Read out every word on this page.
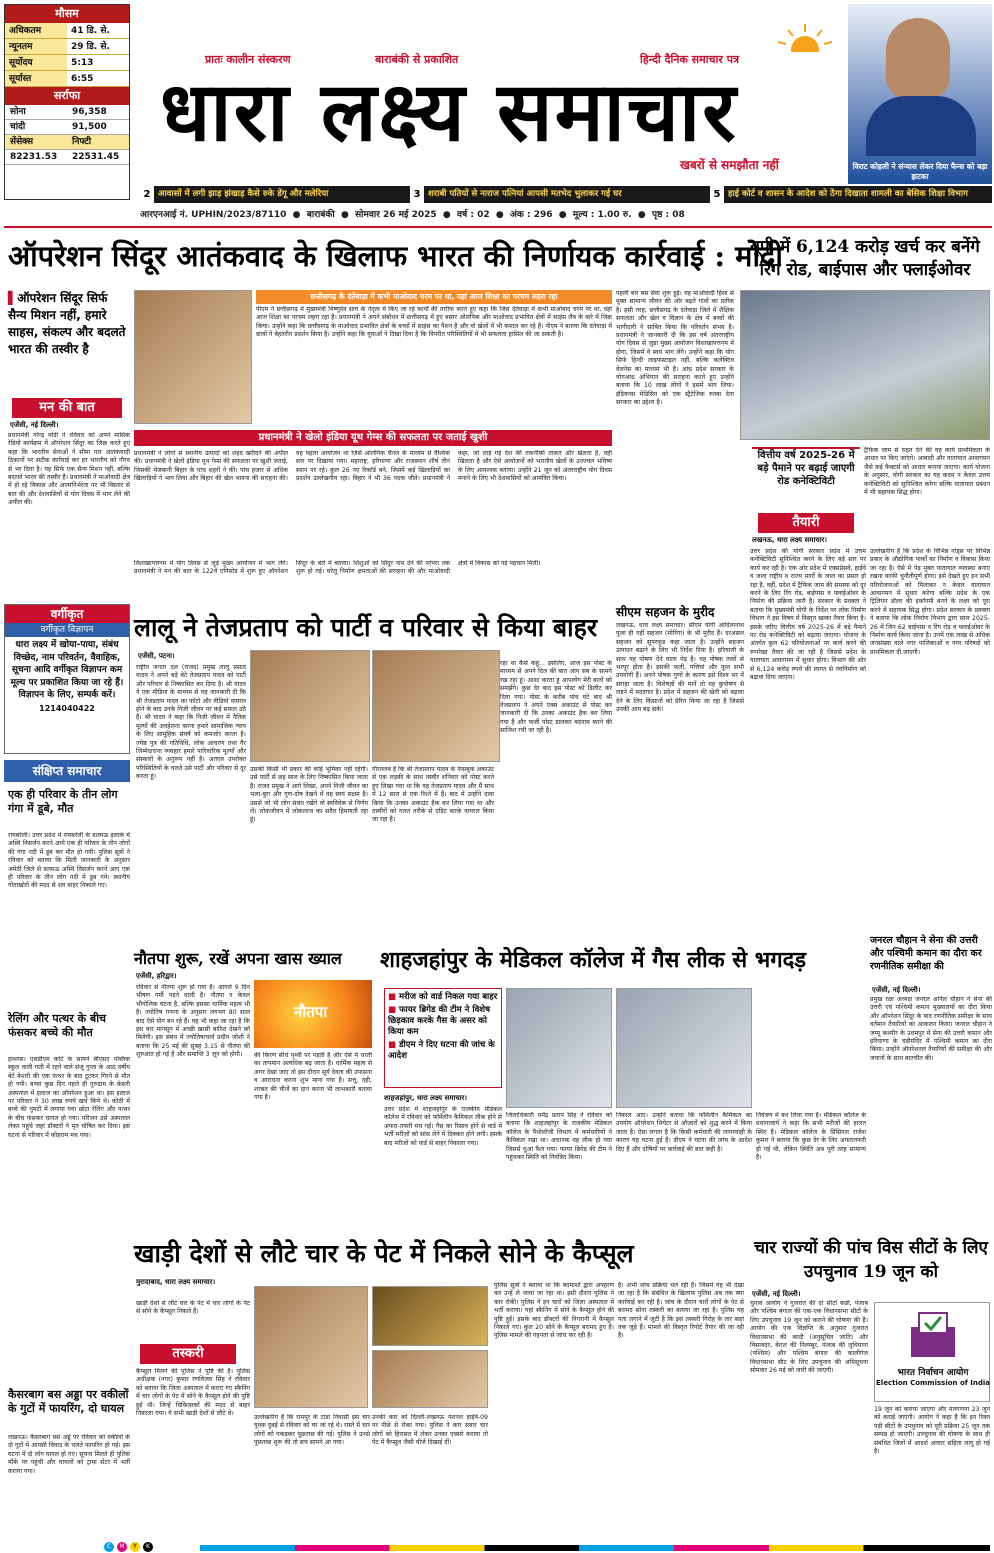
मौसम
अधिकतम	41 डि. से.
न्यूनतम	29 डि. से.
सूर्योदय	5:13
सूर्यास्त	6:55
सर्राफा
सोना	96,358
चांदी	91,500
सेंसेक्स	निफ्टी
82231.53	22531.45
प्रातः कालीन संस्करण	बाराबंकी से प्रकाशित	हिन्दी दैनिक समाचार पत्र
धारा लक्ष्य समाचार
खबरों से समझौता नहीं	विराट कोहली ने संन्यास लेकर दिया फैन्स को बड़ा झटका
2 आवासों में लगी झाड़ झंखाड़ कैसे रुके डेंगू और मलेरिया	3 शराबी पतियों से नाराज पत्नियां आपसी मतभेद भुलाकर गई घर	5 हाई कोर्ट व शासन के आदेश को ठेंगा दिखाता शामली का बेसिक शिक्षा विभाग
आरएनआई नं. UPHIN/2023/87110  ●  बाराबंकी  ●  सोमवार 26 मई 2025  ●  वर्ष : 02  ●  अंक : 296  ●  मूल्य : 1.00 रु.  ●  पृष्ठ : 08
ऑपरेशन सिंदूर आतंकवाद के खिलाफ भारत की निर्णायक कार्रवाई : मोदी
▌ऑपरेशन सिंदूर सिर्फ सैन्य मिशन नहीं, हमारे साहस, संकल्प और बदलते भारत की तस्वीर है
मन की बात
एजेंसी, नई दिल्ली।
प्रधानमंत्री नरेन्द्र मोदी ने रविवार को अपने मासिक रेडियो कार्यक्रम में ऑपरेशन सिंदूर का जिक्र करते हुए कहा कि भारतीय सेनाओं ने सीमा पार आतंकवादी ठिकानों पर सटीक कार्रवाई कर हर भारतीय को गौरव से भर दिया है। यह सिर्फ एक सैन्य मिशन नहीं, बल्कि बदलते भारत की तस्वीर है। प्रधानमंत्री ने माओवादी क्षेत्र में हो रहे विकास और आत्मनिर्भरता पर भी विस्तार से बात की और देशवासियों से योग दिवस में भाग लेने की अपील की।
छत्तीसगढ़ के दंतेवाड़ा में कभी माओवाद चरम पर था, वहां आज शिक्षा का परचम लहरा रहा
पीएम ने छत्तीसगढ़ में मुख्यमंत्री विष्णुदेव साय के नेतृत्व में किए जा रहे कार्यों की तारीफ करते हुए कहा कि जिस दंतेवाड़ा में कभी माओवाद चरम पर था, वहां आज शिक्षा का परचम लहरा रहा है। प्रधानमंत्री ने अपने संबोधन में छत्तीसगढ़ में हुए बस्तर ओलंपिक और माओवाद प्रभावित क्षेत्रों में साइंस लैब के बारे में जिक्र किया। उन्होंने कहा कि छत्तीसगढ़ के माओवाद प्रभावित क्षेत्रों के बच्चों में साइंस का पैशन है और वो खेलों में भी कमाल कर रहे हैं। पीएम ने बताया कि दंतेवाड़ा में छात्रों ने बेहतरीन प्रदर्शन किया है। उन्होंने कहा कि युवाओं ने दिखा दिया है कि विपरीत परिस्थितियों में भी सफलता हासिल की जा सकती है।
प्रधानमंत्री ने खेलो इंडिया यूथ गेम्स की सफलता पर जताई खुशी
प्रधानमंत्री ने लोगों से स्थानीय उत्पादों को शहद खरीदने की अपील की। प्रधानमंत्री ने खेलो इंडिया यूथ गेम्स की सफलता पर खुशी जताई, जिसकी मेजबानी बिहार के पांच शहरों ने की। पांच हजार से अधिक खिलाड़ियों ने भाग लिया और बिहार की खेल भावना की सराहना की। वह पहला आयोजन था जिसे ओलंपिक चैनल के माध्यम से वैश्विक स्तर पर दिखाया गया। महाराष्ट्र, हरियाणा और राजस्थान शीर्ष तीन स्थान पर रहे। कुल 26 नए रिकॉर्ड बने, जिसमें कई खिलाड़ियों का प्रदर्शन उल्लेखनीय रहा। बिहार ने भी 36 पदक जीते। प्रधानमंत्री ने कहा, जो लाई गई देश की तकनीकी ताकत और खेलता है, वही खिलता है और ऐसे आयोजनों को भारतीय खेलों के उज्ज्वल भविष्य के लिए आवश्यक बताया। उन्होंने 21 जून को अंतरराष्ट्रीय योग दिवस मनाने के लिए भी देशवासियों को आमंत्रित किया।
विशाखापत्तनम में योग दिवस से जुड़े मुख्य आयोजन में भाग लेंगे। प्रधानमंत्री ने मन की बात के 122वें एपिसोड में शुरू हुए ऑपरेशन सिंदूर के बारे में बताया। शिशुओं को सिंदूर नाम देने की परंपरा तक शुरू हो गई। घरेलू निर्माण क्षमताओं की सराहना की और माओवादी क्षेत्रों में विकास को नई पहचान मिली।
पहली बार बस सेवा शुरू हुई। यह माओवादी हिंसा से मुक्त सामान्य जीवन की ओर बढ़ते गांवों का प्रतीक है। इसी तरह, छत्तीसगढ़ के दंतेवाड़ा जिले में शैक्षिक सफलता और खेल व विज्ञान के क्षेत्र में बच्चों की भागीदारी ने साबित किया कि परिवर्तन संभव है। प्रधानमंत्री ने जानकारी दी कि इस वर्ष अंतरराष्ट्रीय योग दिवस से जुड़ा मुख्य आयोजन विशाखापत्तनम में होगा, जिसमें वे स्वयं भाग लेंगे। उन्होंने कहा कि योग सिर्फ हिन्दी लाइफस्टाइल नहीं, बल्कि कलेक्टिव वेलनेस का माध्यम भी है। आंध्र प्रदेश सरकार के योगआंध्र अभियान की सराहना करते हुए उन्होंने बताया कि 10 लाख लोगों ने इसमें भाग लिया। इंडियनस मेडिसिन को एक स्ट्रैटेजिक रुतबा देना सरकार का उद्देश्य है।
यूपी में 6,124 करोड़ खर्च कर बनेंगे रिंग रोड, बाईपास और फ्लाईओवर
वित्तीय वर्ष 2025-26 में बड़े पैमाने पर बढ़ाई जाएगी रोड कनेक्टिविटी
तैयारी
लखनऊ, धारा लक्ष्य समाचार।
ट्रैफिक जाम से राहत देने की यह कार्य प्राथमिकता के आधार पर किए जाएंगे। आबादी और यातायात आवागमन जैसे कई फैक्टर्स को आधार बनाया जाएगा। कार्य योजना के अनुसार, योगी सरकार का यह कदम न केवल उत्तम कनेक्टिविटी को सुनिश्चित करेगा बल्कि यातायात प्रबंधन में भी सहायक सिद्ध होगा।
उत्तर प्रदेश की योगी सरकार प्रदेश में उत्तम कनेक्टिविटी सुनिश्चित करने के लिए बड़े स्तर पर कार्य कर रही है। एक ओर प्रदेश में एक्सप्रेसवे, हाईवे व जल्द राष्ट्रीय व राज्य मार्गों के जाल का प्रसार हो रहा है, वहीं, प्रदेश में ट्रैफिक जाम की समस्या को दूर करने के लिए रिंग रोड, बाईपास व फ्लाईओवर के निर्माण की प्रक्रिया जारी है। सरकार के प्रवक्ता ने बताया कि मुख्यमंत्री योगी के निर्देश पर लोक निर्माण विभाग ने इस विषय में विस्तृत खाका तैयार किया है। इसके जरिए वित्तीय वर्ष 2025-26 में बड़े पैमाने पर रोड कनेक्टिविटी को बढ़ाया जाएगा। योजना के अंतर्गत कुल 62 परियोजनाओं पर कार्य करने की रूपरेखा तैयार की जा रही है जिससे प्रदेश के यातायात आवागमन में सुधार होगा। विभाग की ओर से 6,124 करोड़ रुपये की लागत से नवनिर्माण को बढ़ावा दिया जाएगा।
उल्लेखनीय है कि प्रदेश के विभिन्न नोड्स पर विभिन्न प्रकार के औद्योगिक पार्कों का निर्माण व विकास किया जा रहा है। ऐसे में पेड़ मुक्त यातायात व्यवस्था बनाए रखना काफी चुनौतीपूर्ण होगा। इसे देखते हुए इन सभी परियोजनाओं को मिलाकर न केवल यातायात आवागमन में सुधार करेगा बल्कि प्रदेश के एक ट्रिलियन डॉलर की इकॉनमी बनने के लक्ष्य को पूरा करने में सहायक सिद्ध होगा। प्रदेश सरकार के प्रवक्ता ने बताया कि लोक निर्माण विभाग द्वारा साल 2025-26 में जिन 62 बाईपास व रिंग रोड़ व फ्लाईओवर के निर्माण कार्य किया जाना है। उनमें एक लाख से अधिक जनसंख्या वाले नगर पालिकाओं व नगर परिषदों को प्राथमिकता दी जाएगी।
वर्गीकृत
वर्गीकृत विज्ञापन
धारा लक्ष्य में खोया-पाया, संबंध विच्छेद, नाम परिवर्तन, वैवाहिक, सूचना आदि वर्गीकृत विज्ञापन कम मूल्य पर प्रकाशित किया जा रहे हैं। विज्ञापन के लिए, सम्पर्क करें।
1214040422
संक्षिप्त समाचार
एक ही परिवार के तीन लोग गंगा में डूबे, मौत
रायबरेली। उत्तर प्रदेश में रायबरेली के डलमऊ इलाके में अस्थि विसर्जन करने आये एक ही परिवार के तीन लोगों की गंगा नदी में डूब कर मौत हो गयी। पुलिस सूत्रों ने रविवार को बताया कि मिली जानकारी के अनुसार अमेठी जिले से डलमऊ अस्थि विसर्जन करने आए एक ही परिवार के तीन लोग नदी में डूब गये। स्थानीय गोताखोरों की मदद से शव बाहर निकाले गए।
रेलिंग और पत्थर के बीच फंसकर बच्चे की मौत
हाथरस। एसडीएम कोर्ट के सामने बीएसए पब्लिक स्कूल वाली गली में रहने वाले संजू गुप्ता के आठ वर्षीय बेटे केशरी की एक पत्थर के बाद टूटकर गिरने से मौत हो गयी। बच्चा कुछ दिन पहले ही गुरुग्राम के केसरी अस्पताल में इलाज का ऑपरेशन हुआ था। इस इलाज पर परिवार ने 30 लाख रुपये खर्च किये थे। कोठी में बच्चे की गुमटी में लगाया गया छोटा रेलिंग और पत्थर के बीच फंसकर घायल हो गया। परिजन उसे अस्पताल लेकर पहुंचे जहां डॉक्टरों ने मृत घोषित कर दिया। इस घटना से परिवार में कोहराम मच गया।
कैसरबाग बस अड्डा पर वकीलों के गुटों में फायरिंग, दो घायल
लखनऊ। कैसरबाग बस अड्डे पर रविवार को वकीलों के दो गुटों में आपसी विवाद के चलते फायरिंग हो गई। इस घटना में दो लोग घायल हो गए। सूचना मिलते ही पुलिस मौके पर पहुंची और घायलों को ट्रामा सेंटर में भर्ती कराया गया।
लालू ने तेजप्रताप को पार्टी व परिवार से किया बाहर
एजेंसी, पटना।
राष्ट्रीय जनता दल (राजद) प्रमुख लालू प्रसाद यादव ने अपने बड़े बेटे तेजप्रताप यादव को पार्टी और परिवार से निष्कासित कर दिया है। श्री यादव ने एक मीडिया के माध्यम से यह जानकारी दी कि श्री तेजप्रताप यादव का फोटो और वीडियो वायरल होने के बाद उनके निजी जीवन पर कई सवाल उठे हैं। श्री यादव ने कहा कि निजी जीवन में नैतिक मूल्यों की अवहेलना करना हमारे सामाजिक न्याय के लिए सामूहिक संघर्ष को कमजोर करता है। ज्येष्ठ पुत्र की गतिविधि, लोक आचरण तथा गैर जिम्मेदाराना व्यवहार हमारे पारिवारिक मूल्यों और संस्कारों के अनुरूप नहीं है। अतएव उपरोक्त परिस्थितियों के चलते उसे पार्टी और परिवार से दूर करता हूं।
उसकी किसी भी प्रकार की कोई भूमिका नहीं रहेगी। उसे पार्टी से छह साल के लिए निष्कासित किया जाता है। राजद प्रमुख ने आगे लिखा, अपने निजी जीवन का भला-बुरा और गुण-दोष देखने में वह स्वयं सक्षम है। उससे जो भी लोग संबंध रखेंगे वो स्वविवेक से निर्णय लें। लोकजीवन में लोकलाज का सदैव हिमायती रहा हूं।
गौरतलब है कि श्री तेजप्रताप यादव के फेसबुक अकाउंट से एक लड़की के साथ तस्वीर शनिवार को पोस्ट करते हुए लिखा गया था कि वह तेजप्रताप यादव और मैं साथ में 12 साल से एक रिश्ते में हैं। बाद में उन्होंने दावा किया कि उनका अकाउंट हैक कर लिया गया था और तस्वीरों को गलत तरीके से एडिट करके वायरल किया जा रहा है।
रहा था कैसे कहूं... इसलिए, आज इस पोस्ट के माध्यम से अपने दिल की बात आप सब के सामने रख रहा हूं। आशा करता हूं आपलोग मेरी बातों को समझेंगे। कुछ देर बाद इस पोस्ट को डिलीट कर दिया गया। पोस्ट के करीब पांच घंटे बाद श्री तेजप्रताप ने अपने एक्स अकाउंट से पोस्ट कर जानकारी दी कि उनका अकाउंट हैक कर लिया गया है और फर्जी पोस्ट डालकर बदनाम करने की साजिश रची जा रही है।
सीएम सहजन के मुरीद
लखनऊ, धारा लक्ष्य समाचार। सीएम योगी आदित्यनाथ पूजा ही नहीं सहजन (मोरिंगा) के भी मुरीद हैं। दरअसल सहजन को सुपरफूड कहा जाता है। उन्होंने सहजन उत्पादन बढ़ाने के लिए भी निर्देश दिया है। हरियाली के साथ यह पोषण देने वाला पेड़ है। यह पोषक तत्वों से भरपूर होता है। इसकी फली, पत्तियां और फूल सभी उपयोगी हैं। अपने पोषक गुणों के कारण इसे विश्व भर में सराहा जाता है। विशेषज्ञों की मानें तो यह कुपोषण से लड़ने में मददगार है। प्रदेश में सहजन की खेती को बढ़ावा देने के लिए किसानों को प्रेरित किया जा रहा है जिससे उनकी आय बढ़ सके।
जनरल चौहान ने सेना की उत्तरी और पश्चिमी कमान का दौरा कर रणनीतिक समीक्षा की
एजेंसी, नई दिल्ली।
प्रमुख रक्षा अध्यक्ष जनरल अनिल चौहान ने सेना की उत्तरी एवं पश्चिमी कमान मुख्यालयों का दौरा किया और ऑपरेशन सिंदूर के बाद रणनीतिक समीक्षा के साथ वर्तमान तैयारियों का आकलन किया। जनरल चौहान ने जम्मू कश्मीर के उधमपुर में सेना की उत्तरी कमान और हरियाणा के चंडीमंदिर में पश्चिमी कमान का दौरा किया। उन्होंने ऑपरेशनल तैयारियों की समीक्षा की और जवानों के साथ बातचीत की।
नौतपा शुरू, रखें अपना खास ख्याल
एजेंसी, हरिद्वार।
नौतपा
रविवार से नौतपा शुरू हो गया है। आगले 9 दिन भीषण गर्मी पड़ने वाली है। नौतपा न केवल भौगोलिक घटना है, बल्कि इसका धार्मिक महत्व भी है। ज्योतिष गणना के अनुसार लगभग 80 साल बाद ऐसे योग बन रहे हैं। यह भी कहा जा रहा है कि इस बार मानसून में अच्छी खासी बारिश देखने को मिलेगी। इस संबंध में ज्योतिषाचार्य प्रदीप जोशी ने बताया कि 25 मई की सुबह 3.15 से नौतपा की शुरुआत हो गई है और समाप्ति 3 जून को होगी।	की किरण सीधे पृथ्वी पर पड़ती है और ऐसे में धरती का तापमान अत्यधिक बढ़ जाता है। धार्मिक महत्व से अगर देखा जाए तो इस दौरान सूर्य देवता की उपासना व आराधना करना शुभ माना गया है। सत्तू, दही, शरबत की चीजें का दान करना भी लाभकारी बताया गया है।
शाहजहांपुर के मेडिकल कॉलेज में गैस लीक से भगदड़
■ मरीज को वार्ड निकल गया बाहर
■ फायर ब्रिगेड की टीम ने विशेष छिड़काव करके गैस के असर को किया कम
■ डीएम ने दिए घटना की जांच के आदेश
शाहजहांपुर, धारा लक्ष्य समाचार।
उत्तर प्रदेश में शाहजहांपुर के राजकीय मेडिकल कॉलेज में रविवार को फॉर्मेलीन कैमिकल लीक होने से अफरा-तफरी मच गई। गैस का रिसाव होने से वार्ड में भर्ती मरीज़ों को सांस लेने में दिक्कत होने लगी। इसके बाद मरीजों को वार्ड से बाहर निकाला गया।
जिलाधिकारी धर्मेंद्र प्रताप सिंह ने रविवार को बताया कि शाहजहांपुर के राजकीय मेडिकल कॉलेज के पैथोलॉजी विभाग में कर्मचारियों ने कैमिकल रखा था। अचानक वह लीक हो गया जिससे धुआं फैल गया। फायर ब्रिगेड की टीम ने पहुंचकर स्थिति को नियंत्रित किया।
निकाल आए। उन्होंने बताया कि फॉर्मेलीन कैमिकल का उपयोग ऑपरेशन थियेटर से औजारों को शुद्ध करने में किया जाता है। ऐसा लगता है कि किसी कर्मचारी की लापरवाही के कारण यह घटना हुई है। डीएम ने घटना की जांच के आदेश दिए हैं और दोषियों पर कार्रवाई की बात कही है।
नियंत्रण में कर लिया गया है। मेडिकल कॉलेज के प्रधानाचार्य ने कहा कि सभी मरीजों की हालत स्थिर है। मेडिकल कॉलेज के प्रिंसिपल राजेश कुमार ने बताया कि कुछ देर के लिए अफरातफरी हो गई थी, लेकिन स्थिति अब पूरी तरह सामान्य है।
खाड़ी देशों से लौटे चार के पेट में निकले सोने के कैप्सूल
मुरादाबाद, धारा लक्ष्य समाचार।
खाड़ी देशों से लौटे चार के पेट में चार लोगों के पेट से सोने के कैप्सूल निकले हैं।
तस्करी
कैप्सूल मिलने की पुलिस ने पुष्टि की है। पुलिस अधीक्षक (नगर) कुमार रणविजय सिंह ने रविवार को बताया कि जिला अस्पताल में कराए गए स्कैनिंग में चार लोगों के पेट में सोने के कैप्सूल होने की पुष्टि हुई थी। जिन्हें चिकित्सकों की मदद से बाहर निकाला गया। ये सभी खाड़ी देशों से लौटे थे।
उल्लेखनीय है कि रामपुर के टांडा निवासी इस चार युवक दुबई से रविवार को घर जा रहे थे। रास्ते में चार लोगों को पकड़कर पूछताछ की गई। पुलिस ने उनसे पूछताछ शुरू की तो सच सामने आ गया।
उनकी कार को दिल्ली-लखनऊ नेशनल हाईवे-09 पर पीछे से रोका गया। पुलिस ने कार सवार चार लोगों को हिरासत में लेकर उनका एक्सरे कराया तो पेट में कैप्सूल जैसी चीजें दिखाई दीं।
पुलिस सूत्रों ने बताया था कि बदमाशों द्वारा अपहरण कर उन्हें ले जाया जा रहा था। इसी दौरान पुलिस ने कार रोकी। पुलिस ने इन चारों को जिला अस्पताल में भर्ती कराया। यहां स्कैनिंग में सोने के कैप्सूल होने की पुष्टि हुई। इसके बाद डॉक्टरों की निगरानी में कैप्सूल निकाले गए। कुल 20 सोने के कैप्सूल बरामद हुए हैं। पुलिस मामले की गहनता से जांच कर रही है।
है। अभी जांच प्रक्रिया चल रही है। जिसमें यह भी देखा जा रहा है कि संबंधित के खिलाफ पुलिस अब तक क्या कार्रवाई कर रही है। जांच के दौरान चारों लोगों के पेट से बरामद सोना तस्करी का बताया जा रहा है। पुलिस यह पता लगाने में जुटी है कि इस तस्करी गिरोह के तार कहां तक जुड़े हैं। मामले की विस्तृत रिपोर्ट तैयार की जा रही है।
चार राज्यों की पांच विस सीटों के लिए उपचुनाव 19 जून को
एजेंसी, नई दिल्ली।
चुनाव आयोग ने गुजरात की दो सीटों कडी, पंजाब और पश्चिम बंगाल की एक-एक विधानसभा सीटों के लिए उपचुनाव 19 जून को कराने की घोषणा की है। आयोग की एक विज्ञप्ति के अनुसार गुजरात विधानसभा की कादी (अनुसूचित जाति) और विसावदर, केरल की निलम्बूर, पंजाब की लुधियाना (पश्चिम) और पश्चिम बंगाल की कालीगंज विधानसभा सीट के लिए उपचुनाव की अधिसूचना सोमवार 26 मई को जारी की जाएगी।	भारत निर्वाचन आयोग
Election Commission of India
19 जून को कराया जाएगा और मतगणना 23 जून को कराई जाएगी। आयोग ने कहा है कि इन रिक्त पड़ी सीटों के उपचुनाव को पूरी प्रक्रिया 25 जून तक सम्पन्न हो जाएगी। उपचुनाव की घोषणा के साथ ही संबंधित जिलों में आदर्श आचार संहिता लागू हो गई है।
C	M	Y	K
